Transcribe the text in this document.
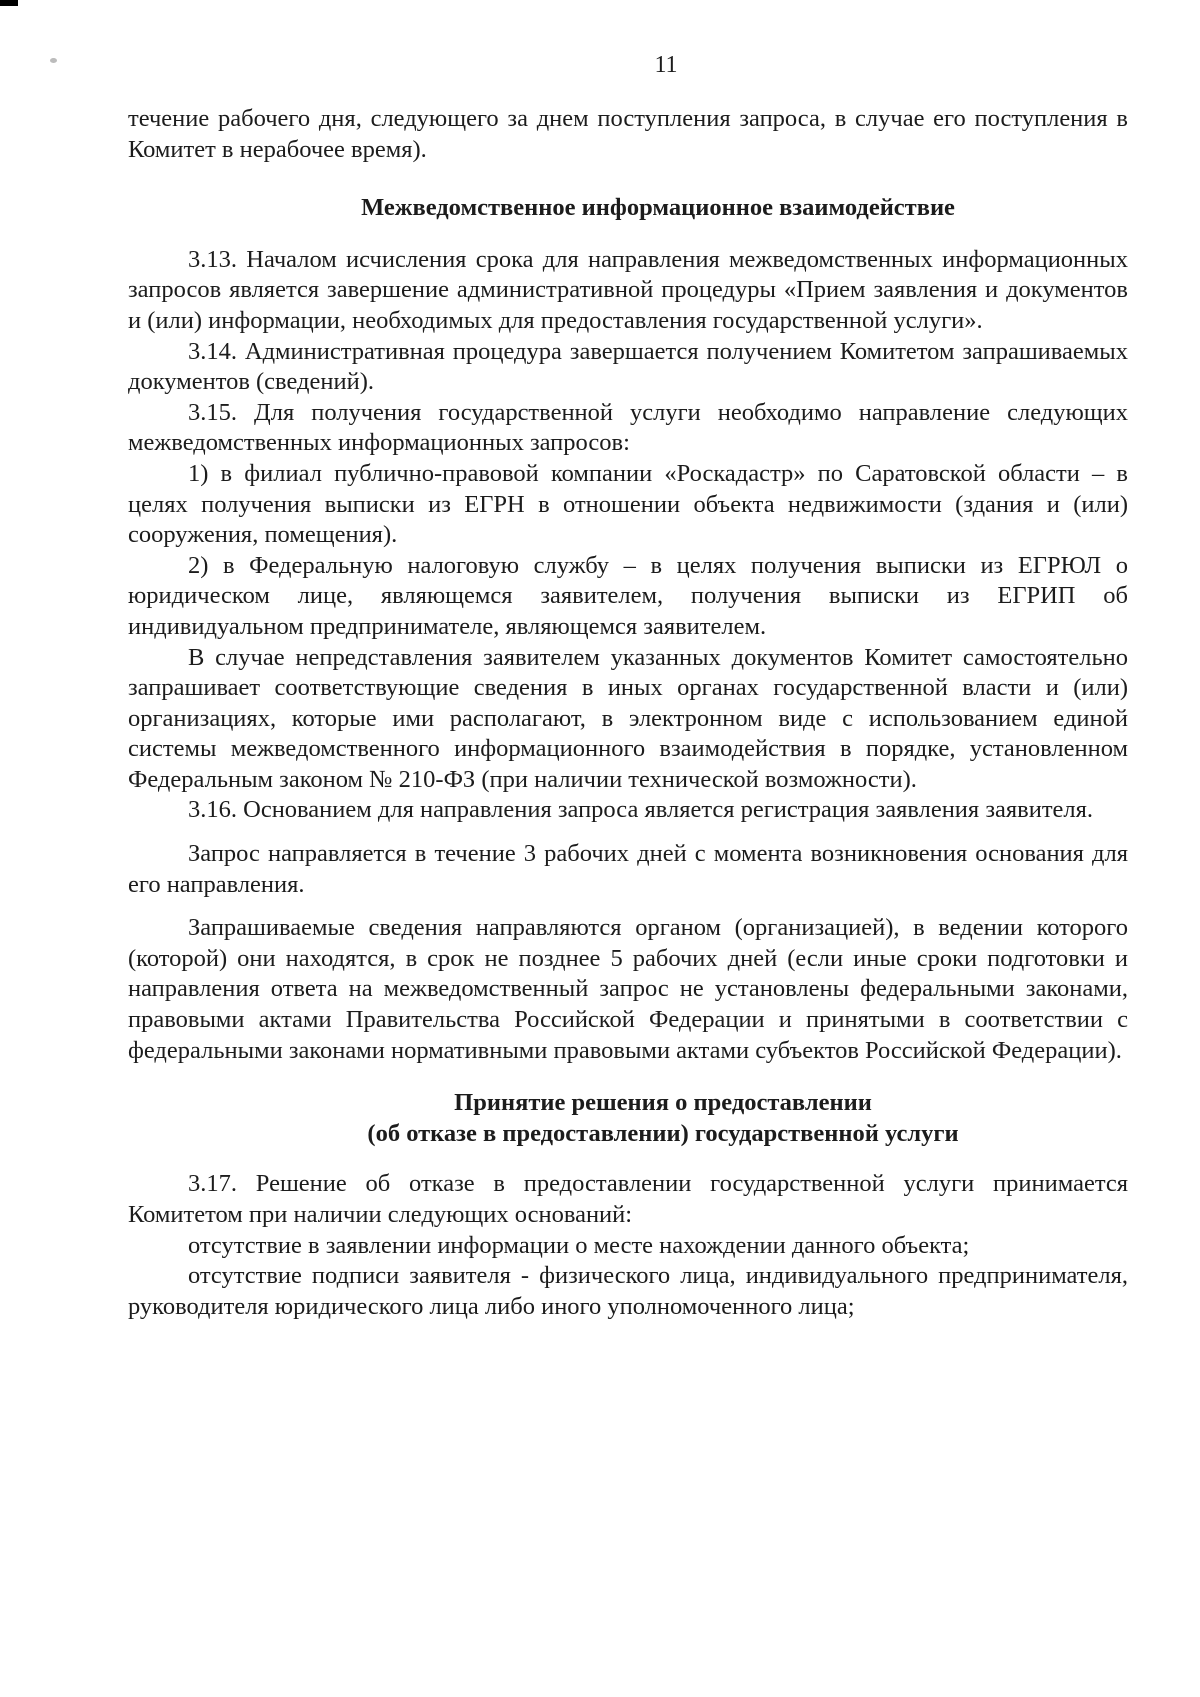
11

течение рабочего дня, следующего за днем поступления запроса, в случае его поступления в Комитет в нерабочее время).

Межведомственное информационное взаимодействие

3.13. Началом исчисления срока для направления межведомственных информационных запросов является завершение административной процедуры «Прием заявления и документов и (или) информации, необходимых для предоставления государственной услуги».

3.14. Административная процедура завершается получением Комитетом запрашиваемых документов (сведений).

3.15. Для получения государственной услуги необходимо направление следующих межведомственных информационных запросов:

1) в филиал публично-правовой компании «Роскадастр» по Саратовской области – в целях получения выписки из ЕГРН в отношении объекта недвижимости (здания и (или) сооружения, помещения).

2) в Федеральную налоговую службу – в целях получения выписки из ЕГРЮЛ о юридическом лице, являющемся заявителем, получения выписки из ЕГРИП об индивидуальном предпринимателе, являющемся заявителем.

В случае непредставления заявителем указанных документов Комитет самостоятельно запрашивает соответствующие сведения в иных органах государственной власти и (или) организациях, которые ими располагают, в электронном виде с использованием единой системы межведомственного информационного взаимодействия в порядке, установленном Федеральным законом № 210-ФЗ (при наличии технической возможности).

3.16. Основанием для направления запроса является регистрация заявления заявителя.

Запрос направляется в течение 3 рабочих дней с момента возникновения основания для его направления.

Запрашиваемые сведения направляются органом (организацией), в ведении которого (которой) они находятся, в срок не позднее 5 рабочих дней (если иные сроки подготовки и направления ответа на межведомственный запрос не установлены федеральными законами, правовыми актами Правительства Российской Федерации и принятыми в соответствии с федеральными законами нормативными правовыми актами субъектов Российской Федерации).

Принятие решения о предоставлении
(об отказе в предоставлении) государственной услуги

3.17. Решение об отказе в предоставлении государственной услуги принимается Комитетом при наличии следующих оснований:

отсутствие в заявлении информации о месте нахождении данного объекта;

отсутствие подписи заявителя - физического лица, индивидуального предпринимателя, руководителя юридического лица либо иного уполномоченного лица;
